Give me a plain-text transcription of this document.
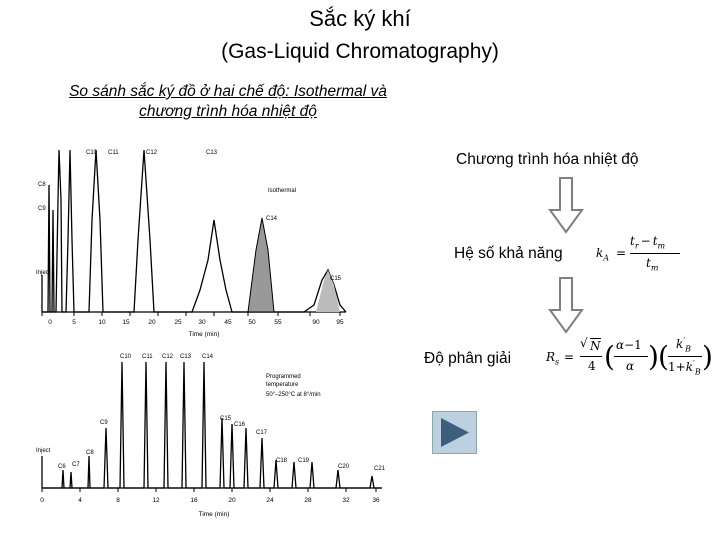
Sắc ký khí
(Gas-Liquid Chromatography)
So sánh sắc ký đồ ở hai chế độ: Isothermal và
chương trình hóa nhiệt độ
C10 C11	C12	C13
C14
C15
C8
C9
Isothermal
Inject
0	5	10	15	20	25	30	45	50	55	90	95
Time (min)
C10 C11 C12 C13 C14
C9
C15
C16
C17
C8
C6 C7
C18 C19
C20	C21
Programmed
temperature
50°–250°C at 8°/min
Inject
0	4	8	12	16	20	24	28	32	36
Time (min)
Chương trình hóa nhiệt độ
Hệ số khả năng	$k_A$ =
$t_r - t_m$
$t_m$
Độ phân giải	$R_s$ =
√ N
4 ( α−1
α ) ( $k'_B$
$1+k'_B$ )
